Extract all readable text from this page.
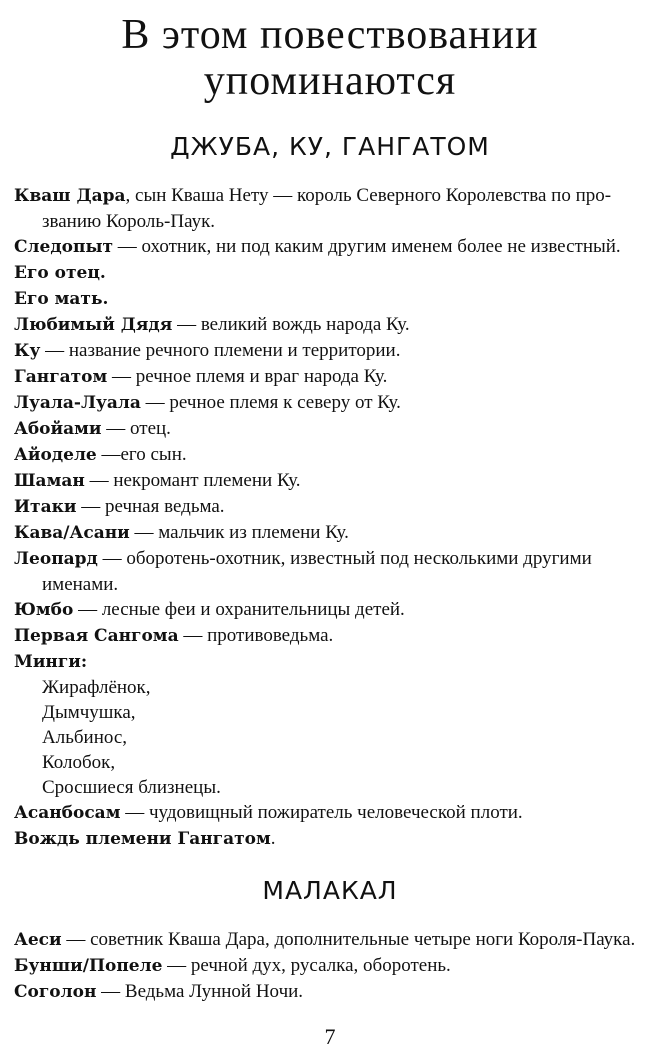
В этом повествовании
упоминаются
ДЖУБА, КУ, ГАНГАТОМ
Кваш Дара, сын Кваша Нету — король Северного Королевства по про-
званию Король-Паук.
Следопыт — охотник, ни под каким другим именем более не известный.
Его отец.
Его мать.
Любимый Дядя — великий вождь народа Ку.
Ку — название речного племени и территории.
Гангатом — речное племя и враг народа Ку.
Луала-Луала — речное племя к северу от Ку.
Абойами — отец.
Айоделе —его сын.
Шаман — некромант племени Ку.
Итаки — речная ведьма.
Кава/Асани — мальчик из племени Ку.
Леопард — оборотень-охотник, известный под несколькими другими
именами.
Юмбо — лесные феи и охранительницы детей.
Первая Сангома — противоведьма.
Минги:
Жирафлёнок,
Дымчушка,
Альбинос,
Колобок,
Сросшиеся близнецы.
Асанбосам — чудовищный пожиратель человеческой плоти.
Вождь племени Гангатом.
МАЛАКАЛ
Аеси — советник Кваша Дара, дополнительные четыре ноги Короля-Паука.
Бунши/Попеле — речной дух, русалка, оборотень.
Соголон — Ведьма Лунной Ночи.
7
